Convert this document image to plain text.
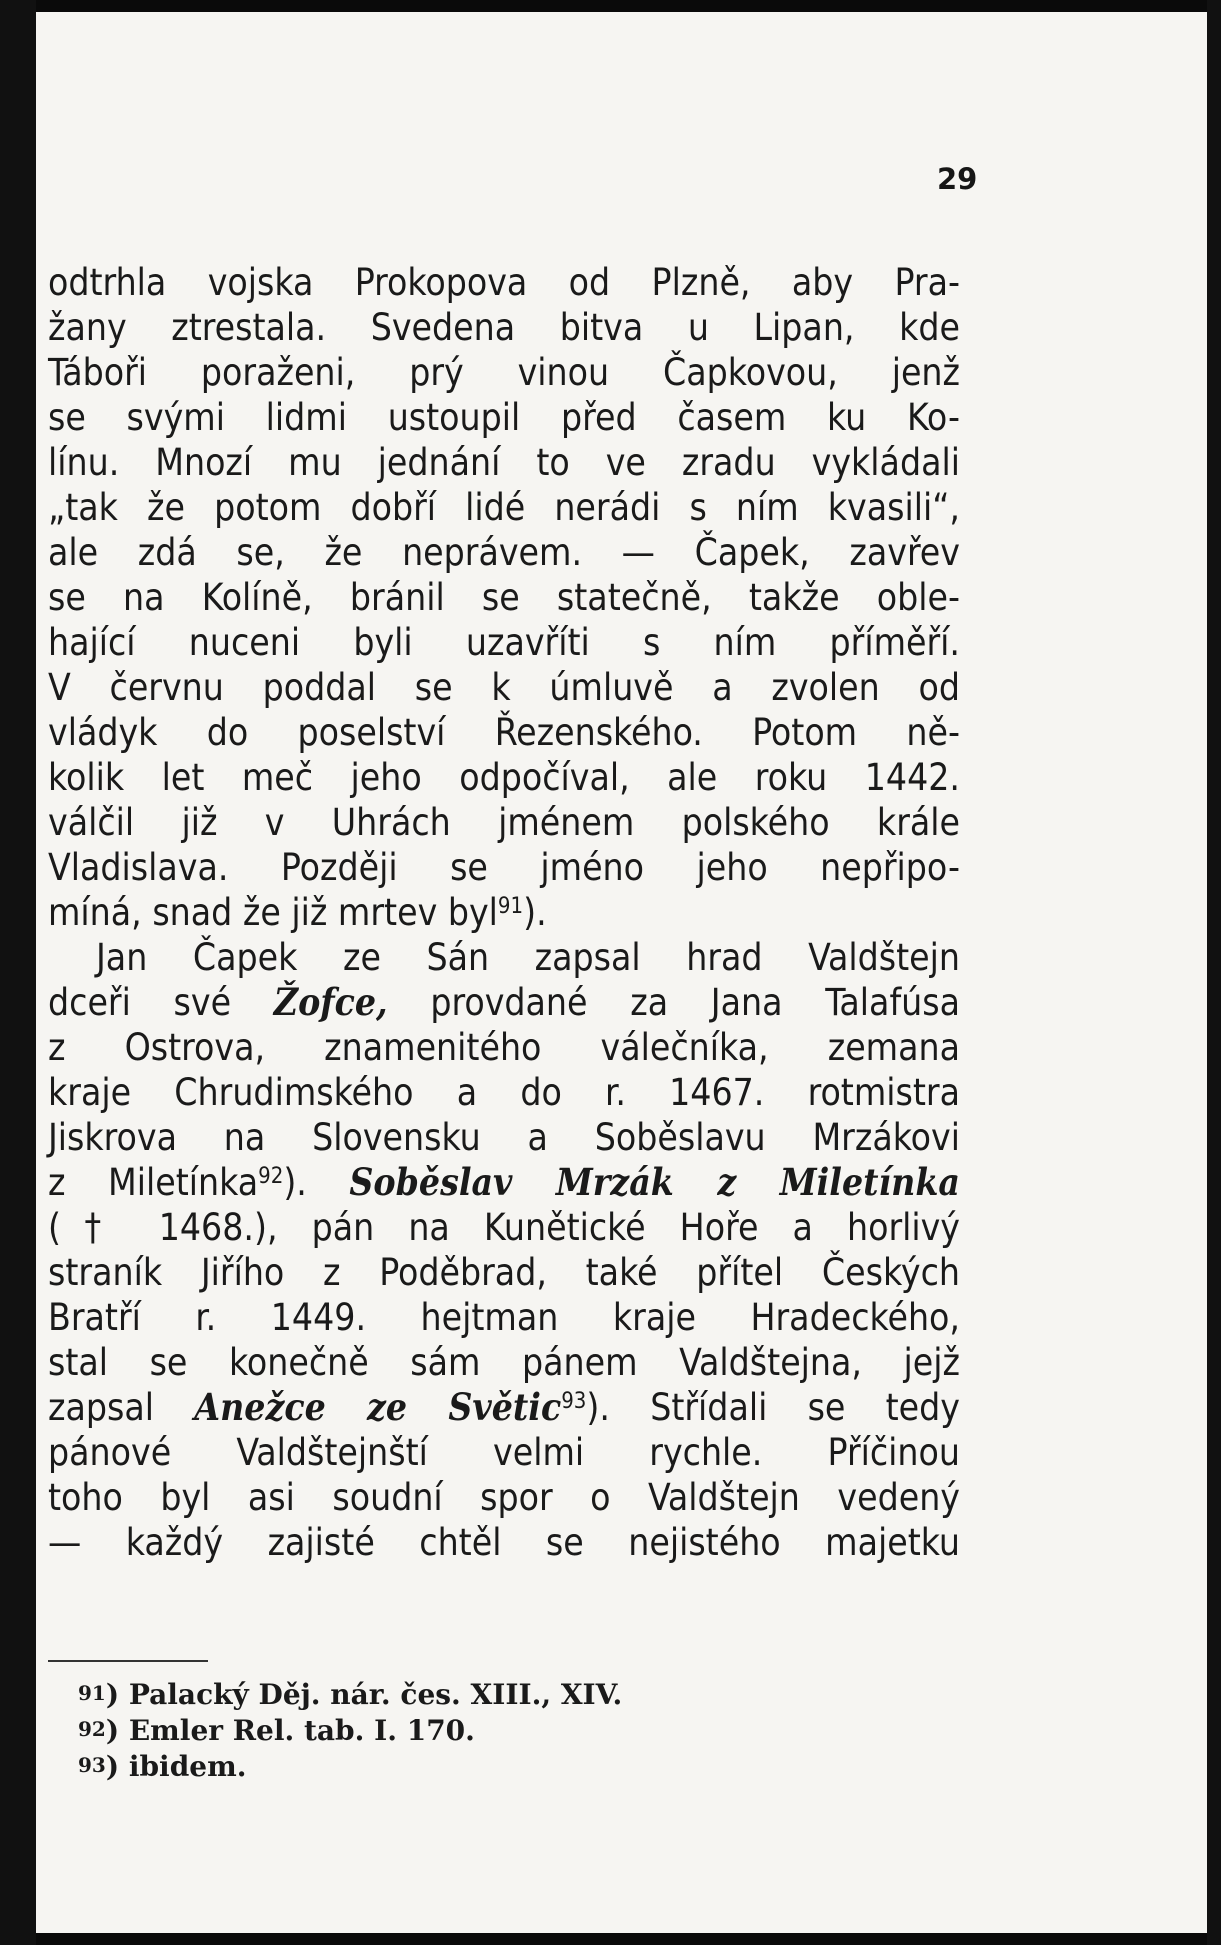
29
odtrhla vojska Prokopova od Plzně, aby Pra-
žany ztrestala. Svedena bitva u Lipan, kde
Táboři poraženi, prý vinou Čapkovou, jenž
se svými lidmi ustoupil před časem ku Ko-
línu. Mnozí mu jednání to ve zradu vykládali
„tak že potom dobří lidé nerádi s ním kvasili“,
ale zdá se, že neprávem. — Čapek, zavřev
se na Kolíně, bránil se statečně, takže oble-
hající nuceni byli uzavříti s ním příměří.
V červnu poddal se k úmluvě a zvolen od
vládyk do poselství Řezenského. Potom ně-
kolik let meč jeho odpočíval, ale roku 1442.
válčil již v Uhrách jménem polského krále
Vladislava. Později se jméno jeho nepřipo-
míná, snad že již mrtev byl$^{91}$).
Jan Čapek ze Sán zapsal hrad Valdštejn
dceři své Žofce, provdané za Jana Talafúsa
z Ostrova, znamenitého válečníka, zemana
kraje Chrudimského a do r. 1467. rotmistra
Jiskrova na Slovensku a Soběslavu Mrzákovi
z Miletínka$^{92}$). Soběslav Mrzák z Miletínka
(† 1468.), pán na Kunětické Hoře a horlivý
straník Jiřího z Poděbrad, také přítel Českých
Bratří r. 1449. hejtman kraje Hradeckého,
stal se konečně sám pánem Valdštejna, jejž
zapsal Anežce ze Světic$^{93}$). Střídali se tedy
pánové Valdštejnští velmi rychle. Příčinou
toho byl asi soudní spor o Valdštejn vedený
— každý zajisté chtěl se nejistého majetku
$^{91}$) Palacký Děj. nár. čes. XIII., XIV.
$^{92}$) Emler Rel. tab. I. 170.
$^{93}$) ibidem.
